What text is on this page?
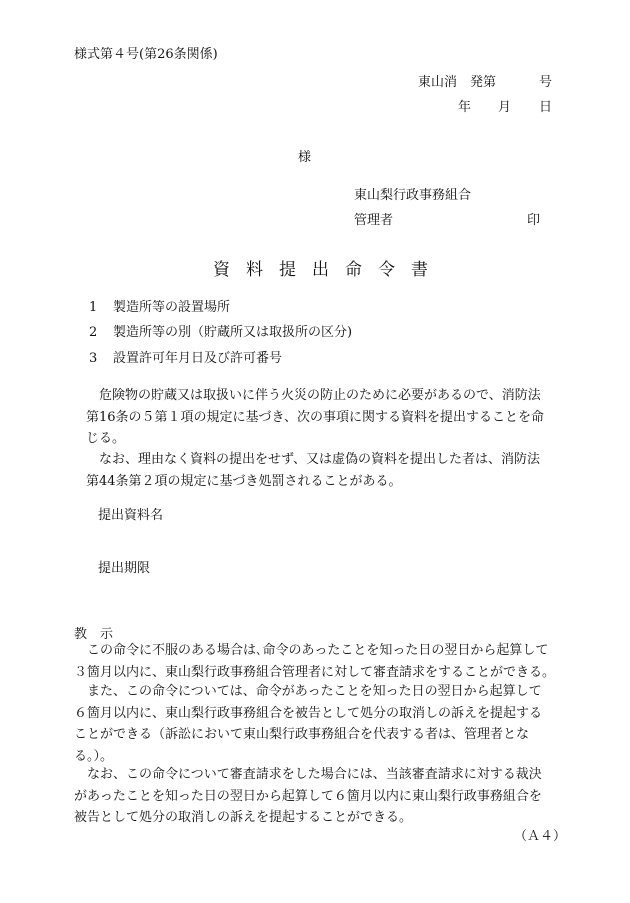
様式第４号(第26条関係)
東山消　発第	号
年 月 日
様
東山梨行政事務組合
管理者	印
資料提出命令書
1 製造所等の設置場所
2 製造所等の別（貯蔵所又は取扱所の区分)
3 設置許可年月日及び許可番号

　危険物の貯蔵又は取扱いに伴う火災の防止のために必要があるので、消防法

第16条の５第１項の規定に基づき、次の事項に関する資料を提出することを命

じる。

　なお、理由なく資料の提出をせず、又は虚偽の資料を提出した者は、消防法

第44条第２項の規定に基づき処罰されることがある。

提出資料名
提出期限
教　示

　この命令に不服のある場合は､命令のあったことを知った日の翌日から起算して

３箇月以内に、東山梨行政事務組合管理者に対して審査請求をすることができる。

　また、この命令については、命令があったことを知った日の翌日から起算して

６箇月以内に、東山梨行政事務組合を被告として処分の取消しの訴えを提起する

ことができる（訴訟において東山梨行政事務組合を代表する者は、管理者とな

る。）。

　なお、この命令について審査請求をした場合には、当該審査請求に対する裁決

があったことを知った日の翌日から起算して６箇月以内に東山梨行政事務組合を

被告として処分の取消しの訴えを提起することができる。

（Ａ４）
